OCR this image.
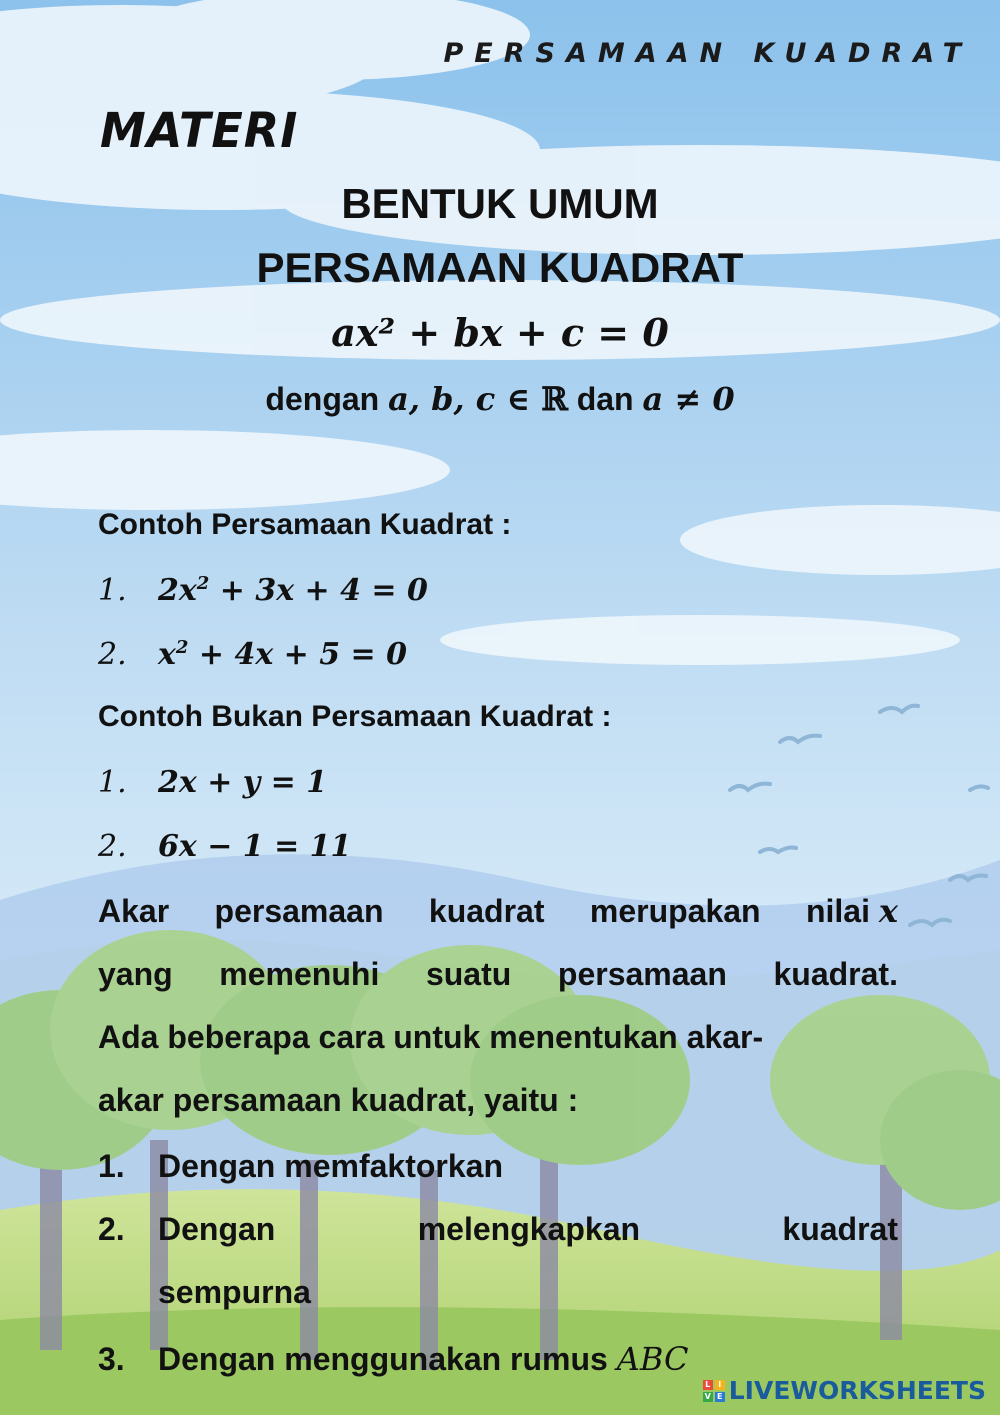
PERSAMAAN KUADRAT
MATERI
BENTUK UMUM
PERSAMAAN KUADRAT
ax² + bx + c = 0
dengan a, b, c ∈ ℝ dan a ≠ 0
Contoh Persamaan Kuadrat :
1. $2x^2 + 3x + 4 = 0$
2. $x^2 + 4x + 5 = 0$
Contoh Bukan Persamaan Kuadrat :
1. 2x + y = 1
2. 6x − 1 = 11
Akar persamaan kuadrat merupakan nilai x
yang memenuhi suatu persamaan kuadrat.
Ada beberapa cara untuk menentukan akar-
akar persamaan kuadrat, yaitu :
1. Dengan memfaktorkan
2. Dengan	melengkapkan	kuadrat
sempurna
3. Dengan menggunakan rumus ABC
L I
V E LIVEWORKSHEETS
